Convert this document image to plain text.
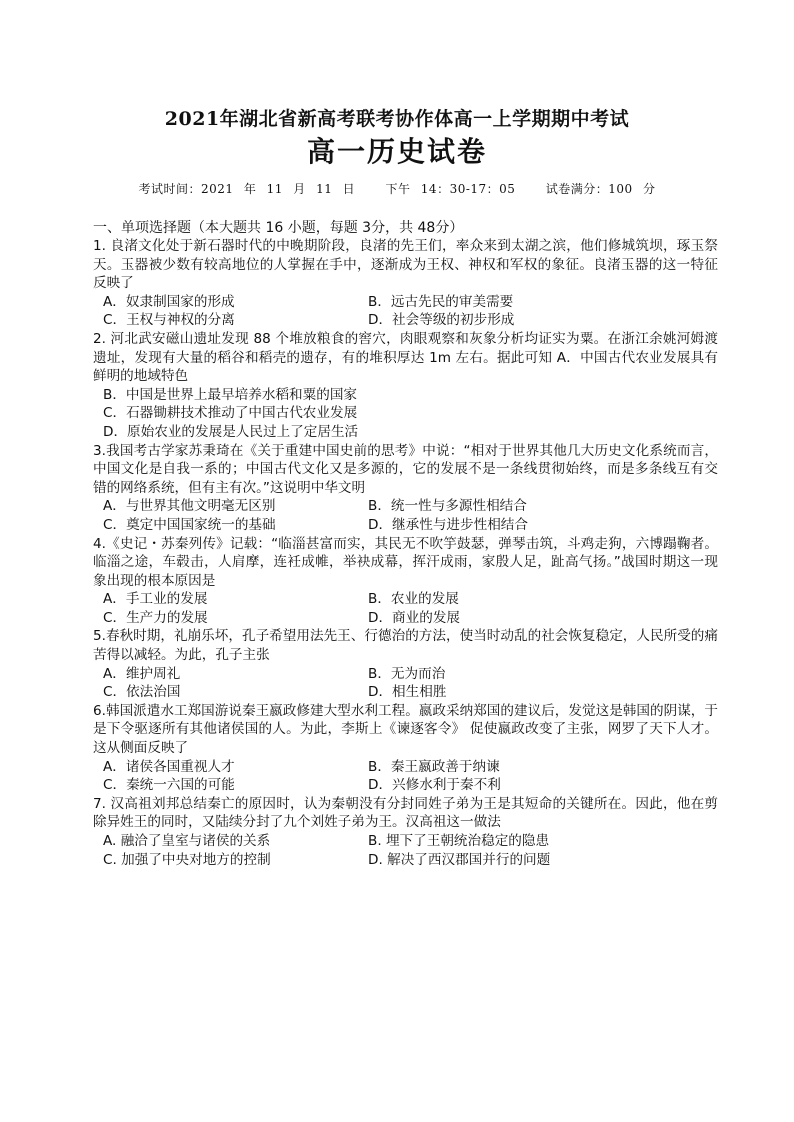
2021年湖北省新高考联考协作体高一上学期期中考试
高一历史试卷
考试时间：2021 年 11 月 11 日	下午 14：30-17：05	试卷满分：100 分
一、单项选择题（本大题共 16 小题，每题 3分，共 48分）

1. 良渚文化处于新石器时代的中晚期阶段，良渚的先王们，率众来到太湖之滨，他们修城筑坝，琢玉祭天。玉器被少数有较高地位的人掌握在手中，逐渐成为王权、神权和军权的象征。良渚玉器的这一特征反映了

A．奴隶制国家的形成	B．远古先民的审美需要

C．王权与神权的分离	D．社会等级的初步形成

2. 河北武安磁山遗址发现 88 个堆放粮食的窖穴，肉眼观察和灰象分析均证实为粟。在浙江余姚河姆渡遗址，发现有大量的稻谷和稻壳的遗存，有的堆积厚达 1m 左右。据此可知 A．中国古代农业发展具有鲜明的地域特色

B．中国是世界上最早培养水稻和粟的国家

C．石器锄耕技术推动了中国古代农业发展

D．原始农业的发展是人民过上了定居生活

3.我国考古学家苏秉琦在《关于重建中国史前的思考》中说：“相对于世界其他几大历史文化系统而言，中国文化是自我一系的；中国古代文化又是多源的，它的发展不是一条线贯彻始终，而是多条线互有交错的网络系统，但有主有次。”这说明中华文明

A．与世界其他文明毫无区别	B．统一性与多源性相结合

C．奠定中国国家统一的基础	D．继承性与进步性相结合

4.《史记・苏秦列传》记载：“临淄甚富而实，其民无不吹竽鼓瑟，弹琴击筑，斗鸡走狗，六博蹋鞠者。临淄之途，车毂击，人肩摩，连衽成帷，举袂成幕，挥汗成雨，家殷人足，趾高气扬。”战国时期这一现象出现的根本原因是

A．手工业的发展	B．农业的发展

C．生产力的发展	D．商业的发展

5.春秋时期，礼崩乐坏，孔子希望用法先王、行德治的方法，使当时动乱的社会恢复稳定，人民所受的痛苦得以减轻。为此，孔子主张

A．维护周礼	B．无为而治

C．依法治国	D．相生相胜

6.韩国派遣水工郑国游说秦王嬴政修建大型水利工程。嬴政采纳郑国的建议后，发觉这是韩国的阴谋，于是下令驱逐所有其他诸侯国的人。为此，李斯上《谏逐客令》 促使嬴政改变了主张，网罗了天下人才。这从侧面反映了

A．诸侯各国重视人才	B．秦王嬴政善于纳谏

C．秦统一六国的可能	D．兴修水利于秦不利

7. 汉高祖刘邦总结秦亡的原因时，认为秦朝没有分封同姓子弟为王是其短命的关键所在。因此，他在剪除异姓王的同时，又陆续分封了九个刘姓子弟为王。汉高祖这一做法

A. 融洽了皇室与诸侯的关系	B. 埋下了王朝统治稳定的隐患

C. 加强了中央对地方的控制	D. 解决了西汉郡国并行的问题
